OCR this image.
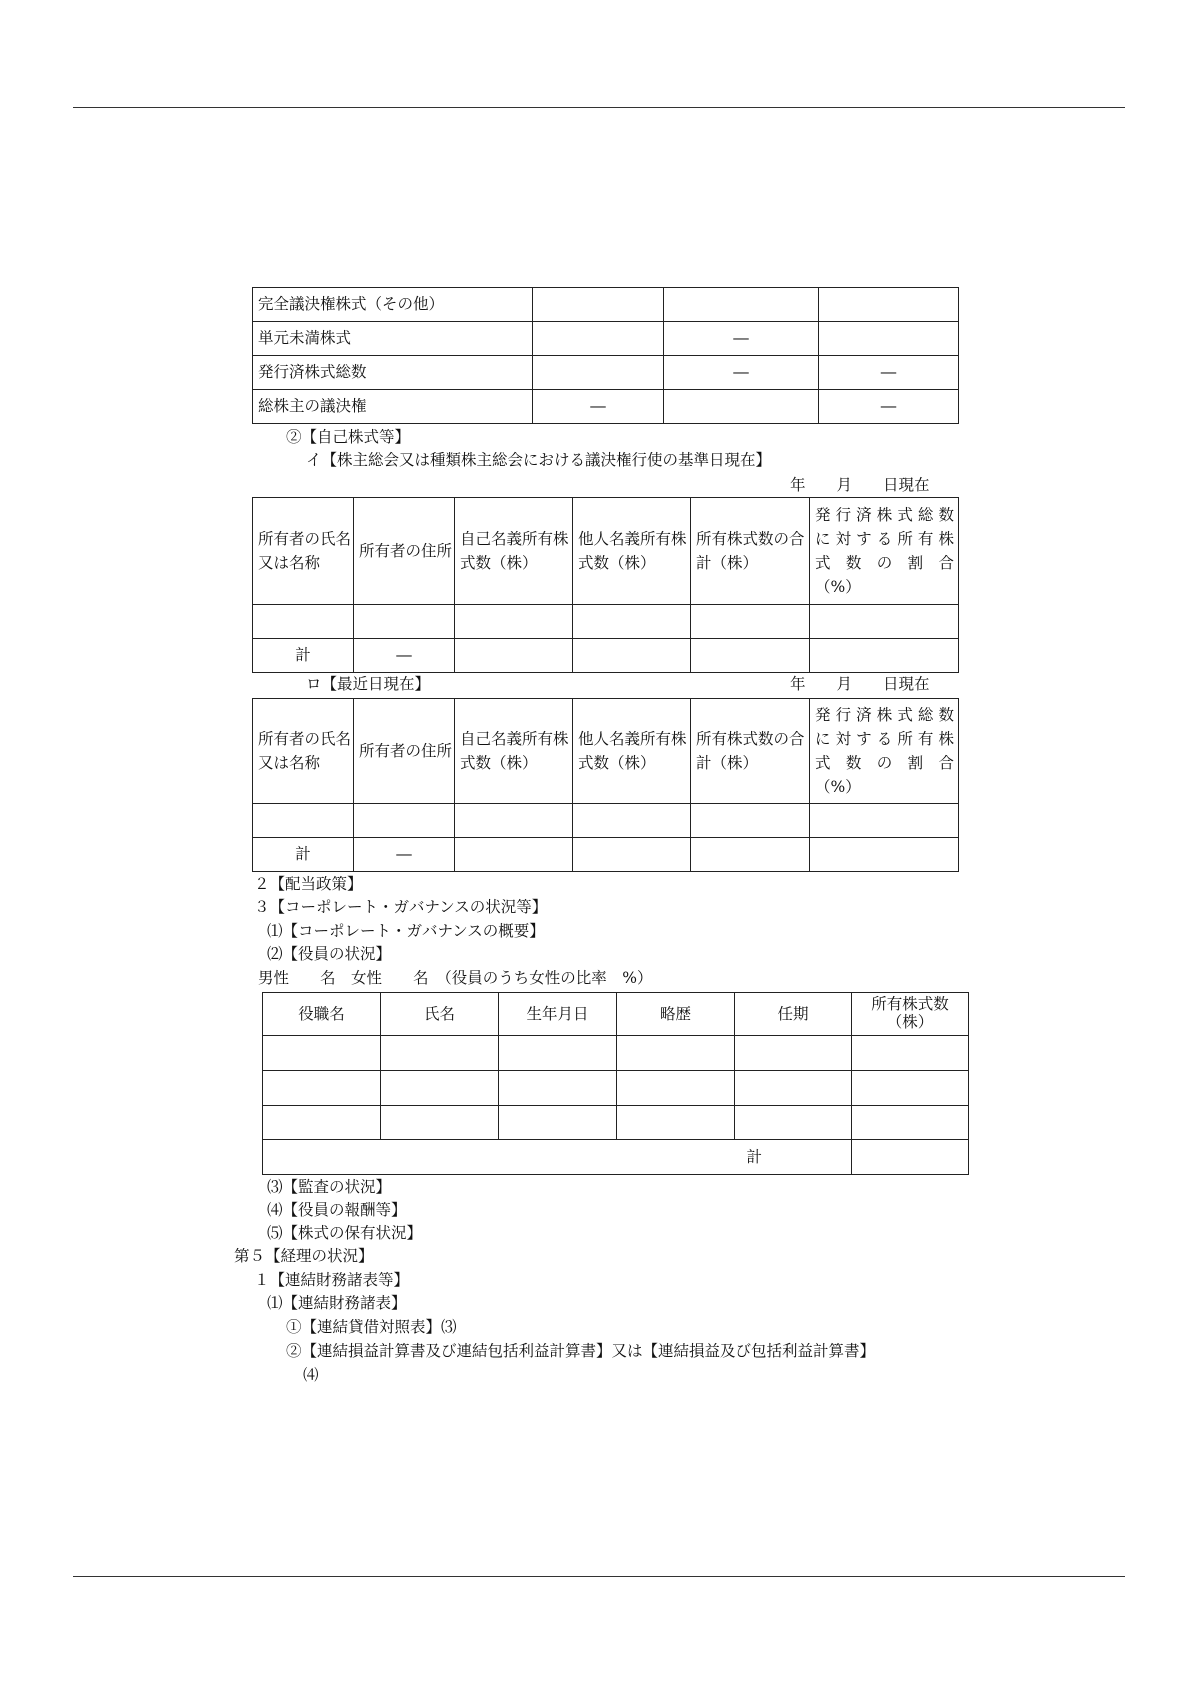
完全議決権株式（その他）			
単元未満株式		―	
発行済株式総数		―	―
総株主の議決権	―		―
②【自己株式等】
イ【株主総会又は種類株主総会における議決権行使の基準日現在】
年　　月　　日現在
所有者の氏名又は名称	所有者の住所	自己名義所有株式数（株）	他人名義所有株式数（株）	所有株式数の合計（株）	発行済株式総数
に対する所有株
式数の割合
（%）

計	―				
ロ【最近日現在】	年　　月　　日現在
所有者の氏名又は名称	所有者の住所	自己名義所有株式数（株）	他人名義所有株式数（株）	所有株式数の合計（株）	発行済株式総数
に対する所有株
式数の割合
（%）

計	―				
２【配当政策】
３【コーポレート・ガバナンスの状況等】
⑴【コーポレート・ガバナンスの概要】
⑵【役員の状況】
男性　　名　女性　　名　（役員のうち女性の比率　%）
役職名	氏名	生年月日	略歴	任期	所有株式数（株）

計					
⑶【監査の状況】
⑷【役員の報酬等】
⑸【株式の保有状況】
第５【経理の状況】
１【連結財務諸表等】
⑴【連結財務諸表】
①【連結貸借対照表】⑶
②【連結損益計算書及び連結包括利益計算書】又は【連結損益及び包括利益計算書】
⑷
